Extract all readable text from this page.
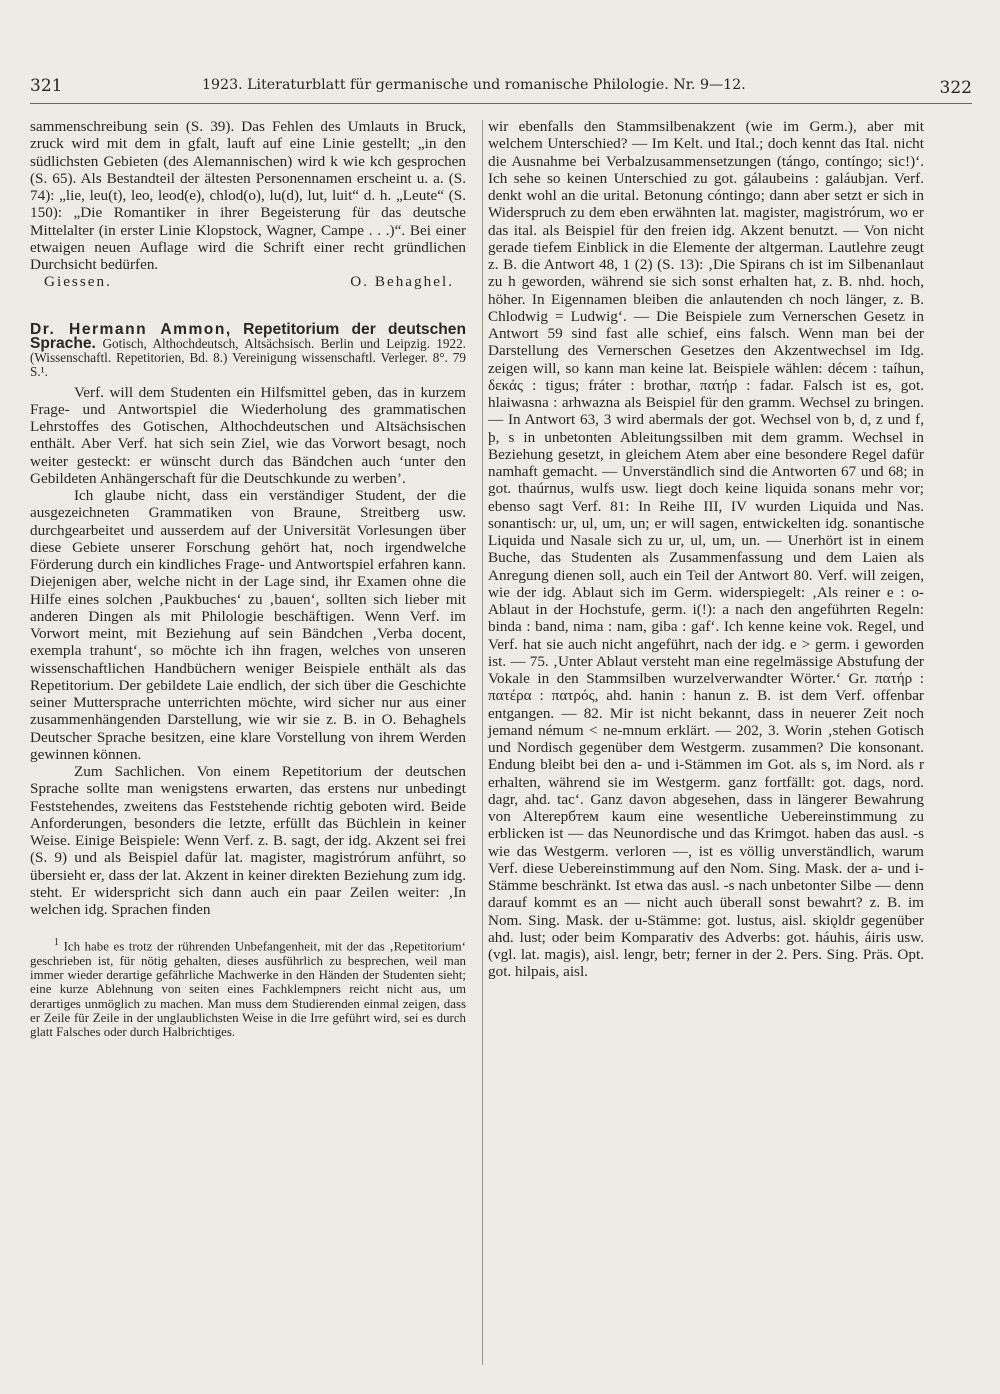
321	1923. Literaturblatt für germanische und romanische Philologie. Nr. 9—12.	322

sammenschreibung sein (S. 39). Das Fehlen des Umlauts in Bruck, zruck wird mit dem in gfalt, lauft auf eine Linie gestellt; „in den südlichsten Gebieten (des Alemannischen) wird k wie kch gesprochen (S. 65). Als Bestandteil der ältesten Personennamen erscheint u. a. (S. 74): „lie, leu(t), leo, leod(e), chlod(o), lu(d), lut, luit“ d. h. „Leute“ (S. 150): „Die Romantiker in ihrer Begeisterung für das deutsche Mittelalter (in erster Linie Klopstock, Wagner, Campe . . .)“. Bei einer etwaigen neuen Auflage wird die Schrift einer recht gründlichen Durchsicht bedürfen.

Giessen.	O. Behaghel.
Dr. Hermann Ammon, Repetitorium der deutschen Sprache. Gotisch, Althochdeutsch, Altsächsisch. Berlin und Leipzig. 1922. (Wissenschaftl. Repetitorien, Bd. 8.) Vereinigung wissenschaftl. Verleger. 8°. 79 S.¹.

Verf. will dem Studenten ein Hilfsmittel geben, das in kurzem Frage- und Antwortspiel die Wiederholung des grammatischen Lehrstoffes des Gotischen, Althochdeutschen und Altsächsischen enthält. Aber Verf. hat sich sein Ziel, wie das Vorwort besagt, noch weiter gesteckt: er wünscht durch das Bändchen auch ‘unter den Gebildeten Anhängerschaft für die Deutschkunde zu werben’.

Ich glaube nicht, dass ein verständiger Student, der die ausgezeichneten Grammatiken von Braune, Streitberg usw. durchgearbeitet und ausserdem auf der Universität Vorlesungen über diese Gebiete unserer Forschung gehört hat, noch irgendwelche Förderung durch ein kindliches Frage- und Antwortspiel erfahren kann. Diejenigen aber, welche nicht in der Lage sind, ihr Examen ohne die Hilfe eines solchen ‚Paukbuches‘ zu ‚bauen‘, sollten sich lieber mit anderen Dingen als mit Philologie beschäftigen. Wenn Verf. im Vorwort meint, mit Beziehung auf sein Bändchen ‚Verba docent, exempla trahunt‘, so möchte ich ihn fragen, welches von unseren wissenschaftlichen Handbüchern weniger Beispiele enthält als das Repetitorium. Der gebildete Laie endlich, der sich über die Geschichte seiner Muttersprache unterrichten möchte, wird sicher nur aus einer zusammenhängenden Darstellung, wie wir sie z. B. in O. Behaghels Deutscher Sprache besitzen, eine klare Vorstellung von ihrem Werden gewinnen können.

Zum Sachlichen. Von einem Repetitorium der deutschen Sprache sollte man wenigstens erwarten, das erstens nur unbedingt Feststehendes, zweitens das Feststehende richtig geboten wird. Beide Anforderungen, besonders die letzte, erfüllt das Büchlein in keiner Weise. Einige Beispiele: Wenn Verf. z. B. sagt, der idg. Akzent sei frei (S. 9) und als Beispiel dafür lat. magister, magistrórum anführt, so übersieht er, dass der lat. Akzent in keiner direkten Beziehung zum idg. steht. Er widerspricht sich dann auch ein paar Zeilen weiter: ‚In welchen idg. Sprachen finden

$^1$ Ich habe es trotz der rührenden Unbefangenheit, mit der das ‚Repetitorium‘ geschrieben ist, für nötig gehalten, dieses ausführlich zu besprechen, weil man immer wieder derartige gefährliche Machwerke in den Händen der Studenten sieht; eine kurze Ablehnung von seiten eines Fachklempners reicht nicht aus, um derartiges unmöglich zu machen. Man muss dem Studierenden einmal zeigen, dass er Zeile für Zeile in der unglaublichsten Weise in die Irre geführt wird, sei es durch glatt Falsches oder durch Halbrichtiges.

wir ebenfalls den Stammsilbenakzent (wie im Germ.), aber mit welchem Unterschied? — Im Kelt. und Ital.; doch kennt das Ital. nicht die Ausnahme bei Verbalzusammensetzungen (tángo, contíngo; sic!)‘. Ich sehe so keinen Unterschied zu got. gálaubeins : galáubjan. Verf. denkt wohl an die urital. Betonung cóntingo; dann aber setzt er sich in Widerspruch zu dem eben erwähnten lat. magister, magistrórum, wo er das ital. als Beispiel für den freien idg. Akzent benutzt. — Von nicht gerade tiefem Einblick in die Elemente der altgerman. Lautlehre zeugt z. B. die Antwort 48, 1 (2) (S. 13): ‚Die Spirans ch ist im Silbenanlaut zu h geworden, während sie sich sonst erhalten hat, z. B. nhd. hoch, höher. In Eigennamen bleiben die anlautenden ch noch länger, z. B. Chlodwig = Ludwig‘. — Die Beispiele zum Vernerschen Gesetz in Antwort 59 sind fast alle schief, eins falsch. Wenn man bei der Darstellung des Vernerschen Gesetzes den Akzentwechsel im Idg. zeigen will, so kann man keine lat. Beispiele wählen: décem : taíhun, δεκάς : tigus; fráter : brothar, πατήρ : fadar. Falsch ist es, got. hlaiwasna : arhwazna als Beispiel für den gramm. Wechsel zu bringen. — In Antwort 63, 3 wird abermals der got. Wechsel von b, d, z und f, þ, s in unbetonten Ableitungssilben mit dem gramm. Wechsel in Beziehung gesetzt, in gleichem Atem aber eine besondere Regel dafür namhaft gemacht. — Unverständlich sind die Antworten 67 und 68; in got. thaúrnus, wulfs usw. liegt doch keine liquida sonans mehr vor; ebenso sagt Verf. 81: In Reihe III, IV wurden Liquida und Nas. sonantisch: ur, ul, um, un; er will sagen, entwickelten idg. sonantische Liquida und Nasale sich zu ur, ul, um, un. — Unerhört ist in einem Buche, das Studenten als Zusammenfassung und dem Laien als Anregung dienen soll, auch ein Teil der Antwort 80. Verf. will zeigen, wie der idg. Ablaut sich im Germ. widerspiegelt: ‚Als reiner e : o-Ablaut in der Hochstufe, germ. i(!): a nach den angeführten Regeln: binda : band, nima : nam, giba : gaf‘. Ich kenne keine vok. Regel, und Verf. hat sie auch nicht angeführt, nach der idg. e > germ. i geworden ist. — 75. ‚Unter Ablaut versteht man eine regelmässige Abstufung der Vokale in den Stammsilben wurzelverwandter Wörter.‘ Gr. πατήρ : πατέρα : πατρός, ahd. hanin : hanun z. B. ist dem Verf. offenbar entgangen. — 82. Mir ist nicht bekannt, dass in neuerer Zeit noch jemand némum < ne-mnum erklärt. — 202, 3. Worin ‚stehen Gotisch und Nordisch gegenüber dem Westgerm. zusammen? Die konsonant. Endung bleibt bei den a- und i-Stämmen im Got. als s, im Nord. als r erhalten, während sie im Westgerm. ganz fortfällt: got. dags, nord. dagr, ahd. tac‘. Ganz davon abgesehen, dass in längerer Bewahrung von Alterербтем kaum eine wesentliche Uebereinstimmung zu erblicken ist — das Neunordische und das Krimgot. haben das ausl. -s wie das Westgerm. verloren —, ist es völlig unverständlich, warum Verf. diese Uebereinstimmung auf den Nom. Sing. Mask. der a- und i-Stämme beschränkt. Ist etwa das ausl. -s nach unbetonter Silbe — denn darauf kommt es an — nicht auch überall sonst bewahrt? z. B. im Nom. Sing. Mask. der u-Stämme: got. lustus, aisl. skiǫldr gegenüber ahd. lust; oder beim Komparativ des Adverbs: got. háuhis, áiris usw. (vgl. lat. magis), aisl. lengr, betr; ferner in der 2. Pers. Sing. Präs. Opt. got. hilpais, aisl.
